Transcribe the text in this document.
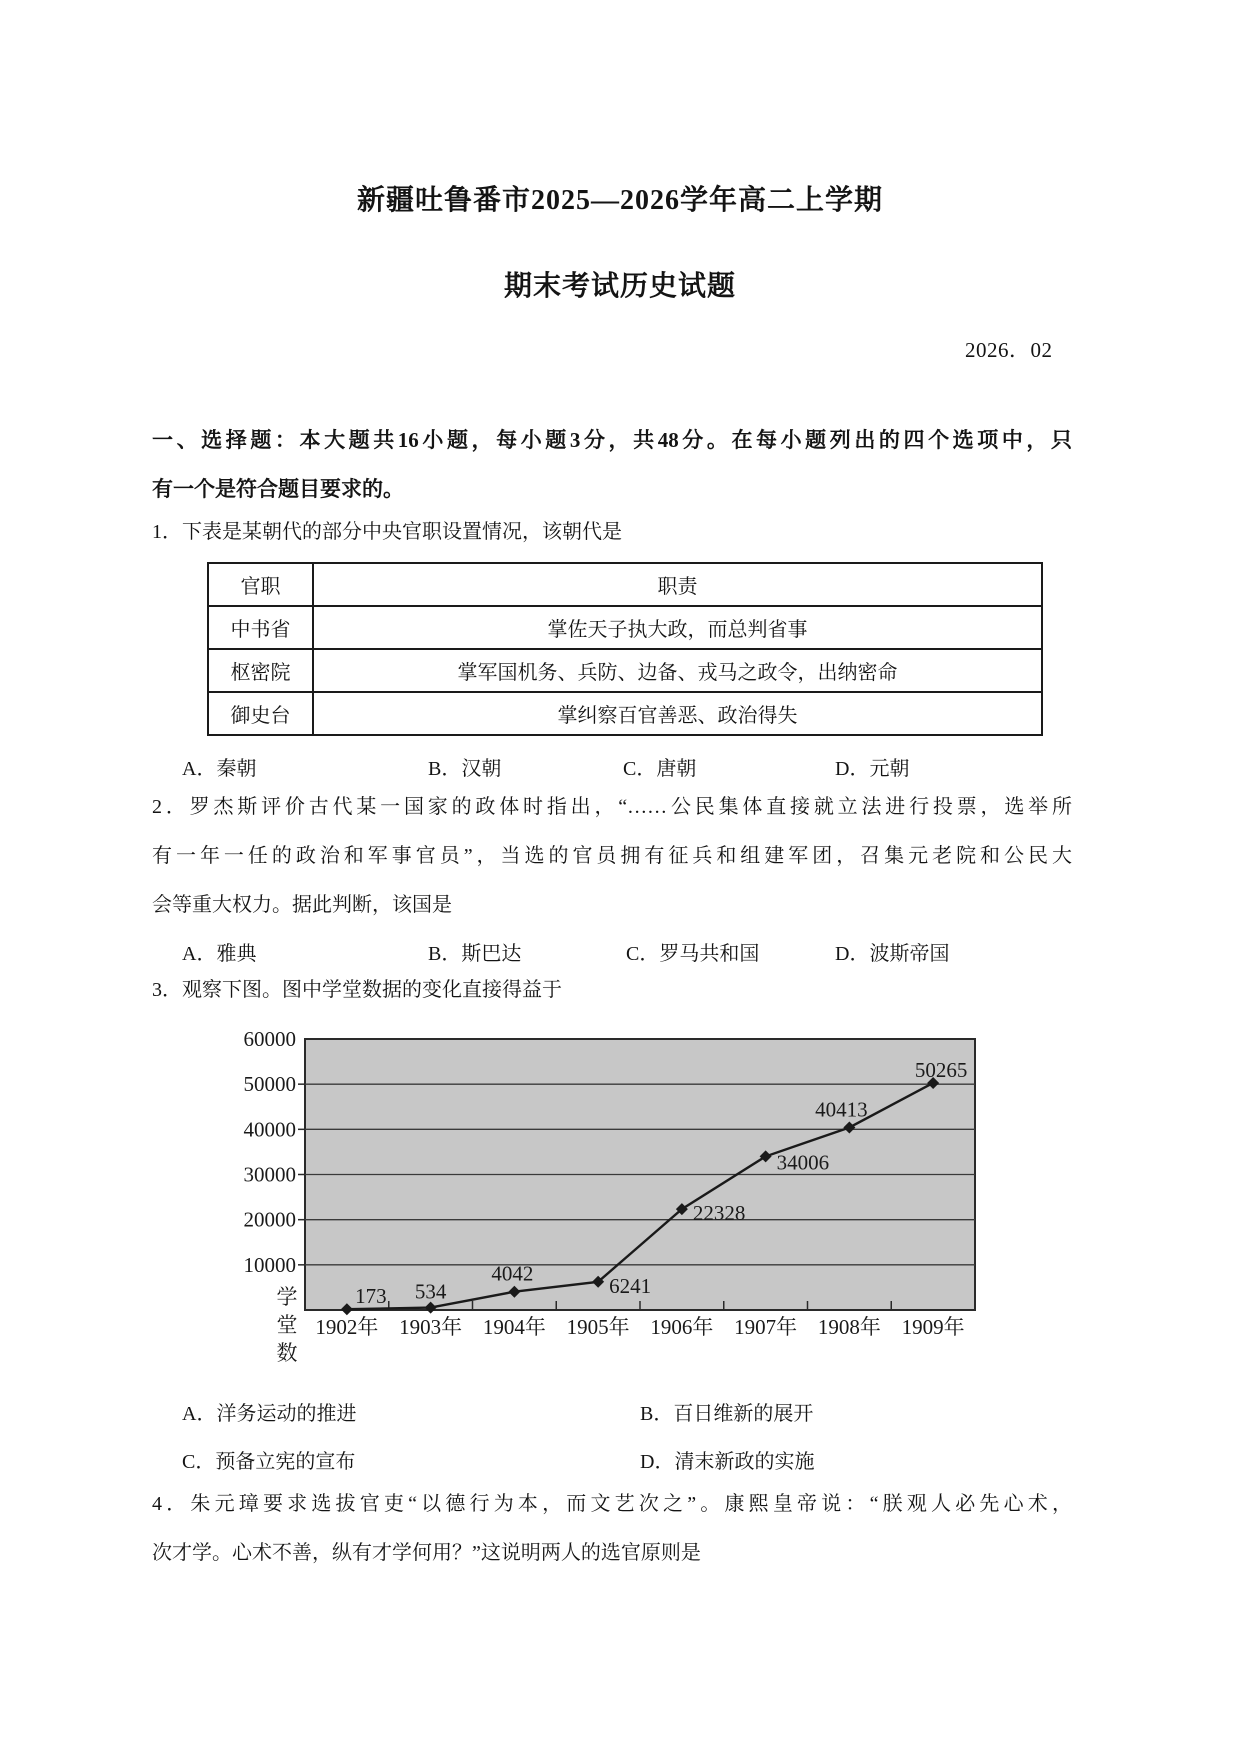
新疆吐鲁番市2025—2026学年高二上学期
期末考试历史试题
2026．02
一、选择题：本大题共16小题，每小题3分，共48分。在每小题列出的四个选项中，只
有一个是符合题目要求的。
1．下表是某朝代的部分中央官职设置情况，该朝代是
官职	职责
中书省	掌佐天子执大政，而总判省事
枢密院	掌军国机务、兵防、边备、戎马之政令，出纳密命
御史台	掌纠察百官善恶、政治得失
A．秦朝	B．汉朝	C．唐朝	D．元朝
2．罗杰斯评价古代某一国家的政体时指出，“……公民集体直接就立法进行投票，选举所
有一年一任的政治和军事官员”，当选的官员拥有征兵和组建军团，召集元老院和公民大
会等重大权力。据此判断，该国是
A．雅典	B．斯巴达	C．罗马共和国	D．波斯帝国
3．观察下图。图中学堂数据的变化直接得益于
10000
20000
30000
40000
50000
60000
173 534
4042
6241
22328
34006
40413
50265
1902年 1903年 1904年 1905年 1906年 1907年 1908年 1909年
学
堂
数
A．洋务运动的推进	B．百日维新的展开
C．预备立宪的宣布	D．清末新政的实施
4．朱元璋要求选拔官吏“以德行为本，而文艺次之”。康熙皇帝说：“朕观人必先心术，
次才学。心术不善，纵有才学何用？”这说明两人的选官原则是
